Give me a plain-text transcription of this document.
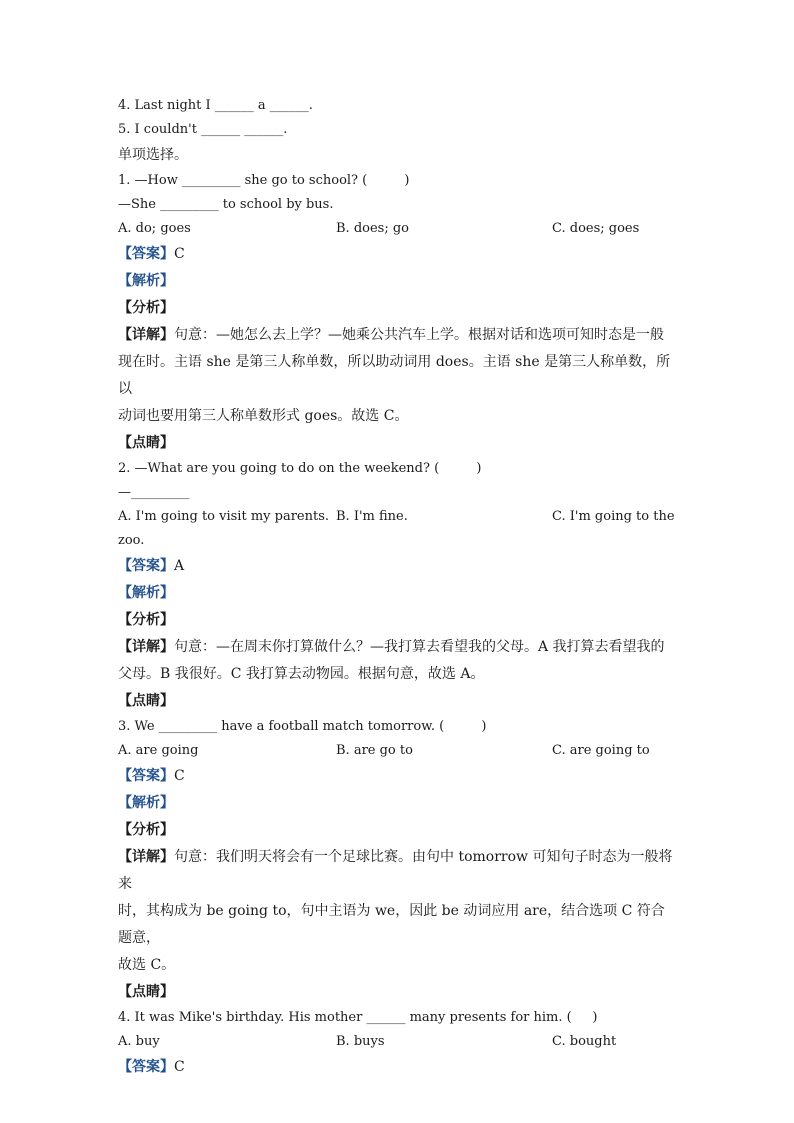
4. Last night I ______ a ______.
5. I couldn't ______ ______.
单项选择。
1. —How _________ she go to school? (         )
—She _________ to school by bus.
A. do; goes	B. does; go	C. does; goes
【答案】C
【解析】
【分析】
【详解】句意：—她怎么去上学？—她乘公共汽车上学。根据对话和选项可知时态是一般
现在时。主语 she 是第三人称单数，所以助动词用 does。主语 she 是第三人称单数，所以
动词也要用第三人称单数形式 goes。故选 C。
【点睛】
2. —What are you going to do on the weekend? (         )
—_________
A. I'm going to visit my parents. B. I'm fine.	C. I'm going to the
zoo.
【答案】A
【解析】
【分析】
【详解】句意：—在周末你打算做什么？—我打算去看望我的父母。A 我打算去看望我的
父母。B 我很好。C 我打算去动物园。根据句意，故选 A。
【点睛】
3. We _________ have a football match tomorrow. (         )
A. are going	B. are go to	C. are going to
【答案】C
【解析】
【分析】
【详解】句意：我们明天将会有一个足球比赛。由句中 tomorrow 可知句子时态为一般将来
时，其构成为 be going to，句中主语为 we，因此 be 动词应用 are，结合选项 C 符合题意，
故选 C。
【点睛】
4. It was Mike's birthday. His mother ______ many presents for him. (     )
A. buy	B. buys	C. bought
【答案】C
